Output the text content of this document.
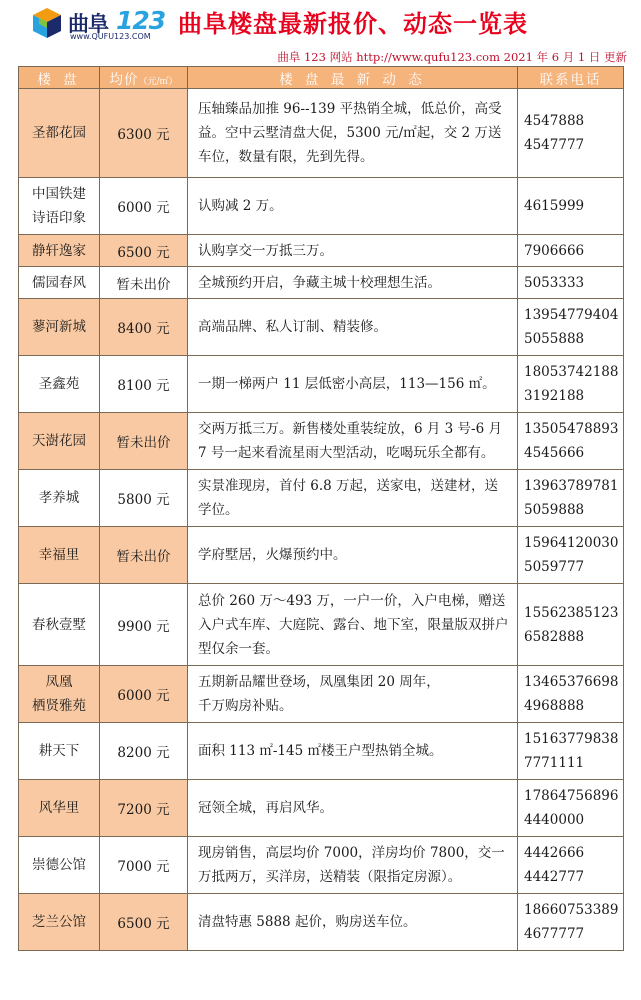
曲阜 123
www.QUFU123.COM 曲阜楼盘最新报价、动态一览表
曲阜 123 网站 http://www.qufu123.com 2021 年 6 月 1 日 更新
楼 盘	均价（元/㎡）	楼 盘 最 新 动 态	联系电话
圣都花园	6300 元	压轴臻品加推 96--139 平热销全城，低总价，高受益。空中云墅清盘大促，5300 元/㎡起，交 2 万送车位，数量有限，先到先得。	4547888
4547777

中国铁建
诗语印象	6000 元	认购减 2 万。	4615999

静轩逸家	6500 元	认购享交一万抵三万。	7906666

儒园春风	暂未出价	全城预约开启，争藏主城十校理想生活。	5053333

蓼河新城	8400 元	高端品牌、私人订制、精装修。	13954779404
5055888

圣鑫苑	8100 元	一期一梯两户 11 层低密小高层，113—156 ㎡。	18053742188
3192188

天澍花园	暂未出价	交两万抵三万。新售楼处重装绽放，6 月 3 号-6 月 7 号一起来看流星雨大型活动，吃喝玩乐全都有。	13505478893
4545666

孝养城	5800 元	实景准现房，首付 6.8 万起，送家电，送建材，送学位。	13963789781
5059888

幸福里	暂未出价	学府墅居，火爆预约中。	15964120030
5059777

春秋壹墅	9900 元	总价 260 万～493 万，一户一价，入户电梯，赠送入户式车库、大庭院、露台、地下室，限量版双拼户型仅余一套。	15562385123
6582888

凤凰
栖贤雅苑	6000 元	五期新品耀世登场，凤凰集团 20 周年，
千万购房补贴。	13465376698
4968888

耕天下	8200 元	面积 113 ㎡-145 ㎡楼王户型热销全城。	15163779838
7771111

风华里	7200 元	冠领全城，再启风华。	17864756896
4440000

崇德公馆	7000 元	现房销售，高层均价 7000，洋房均价 7800，交一万抵两万，买洋房，送精装（限指定房源）。	4442666
4442777

芝兰公馆	6500 元	清盘特惠 5888 起价，购房送车位。	18660753389
4677777
